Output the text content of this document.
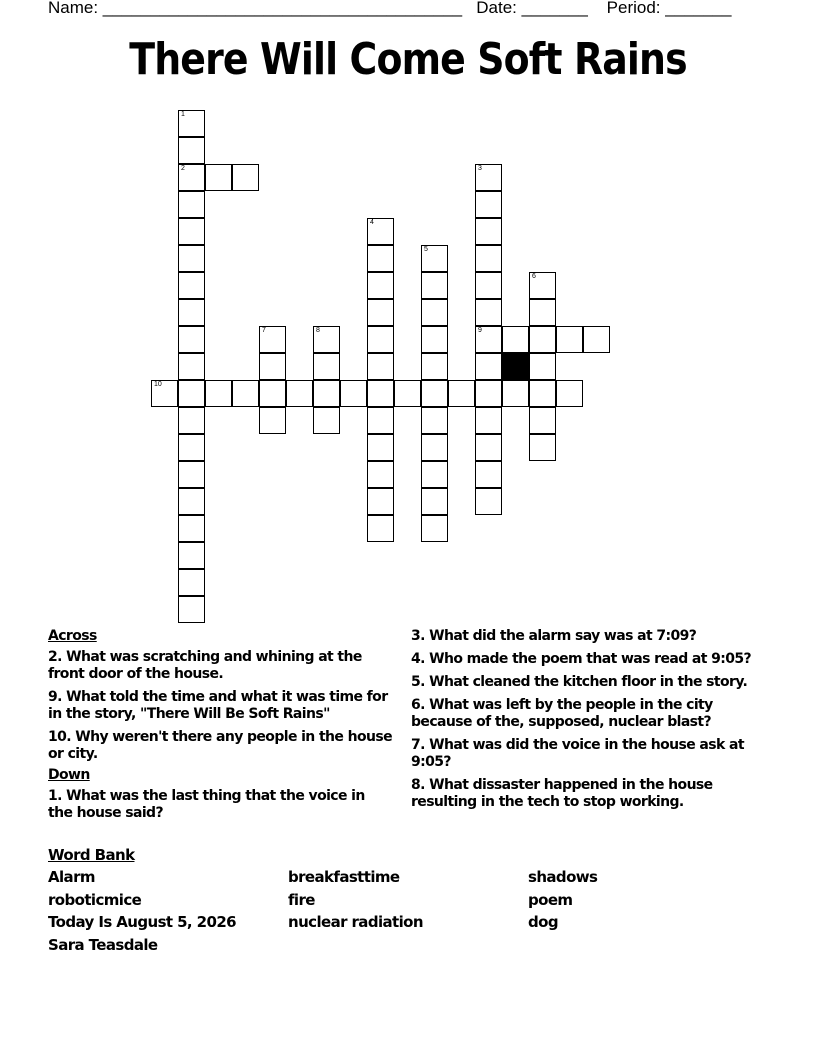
Name: ______________________________________   Date: _______    Period: _______
There Will Come Soft Rains
1
2	3
9
4
5
6
7	8
10
Across
2. What was scratching and whining at the front door of the house.
9. What told the time and what it was time for in the story, "There Will Be Soft Rains"
10. Why weren't there any people in the house or city.
Down
1. What was the last thing that the voice in the house said?
3. What did the alarm say was at 7:09?
4. Who made the poem that was read at 9:05?
5. What cleaned the kitchen floor in the story.
6. What was left by the people in the city because of the, supposed, nuclear blast?
7. What was did the voice in the house ask at 9:05?
8. What dissaster happened in the house resulting in the tech to stop working.
Word Bank
Alarm	breakfasttime	shadows
roboticmice	fire	poem
Today Is August 5, 2026	nuclear radiation	dog
Sara Teasdale
